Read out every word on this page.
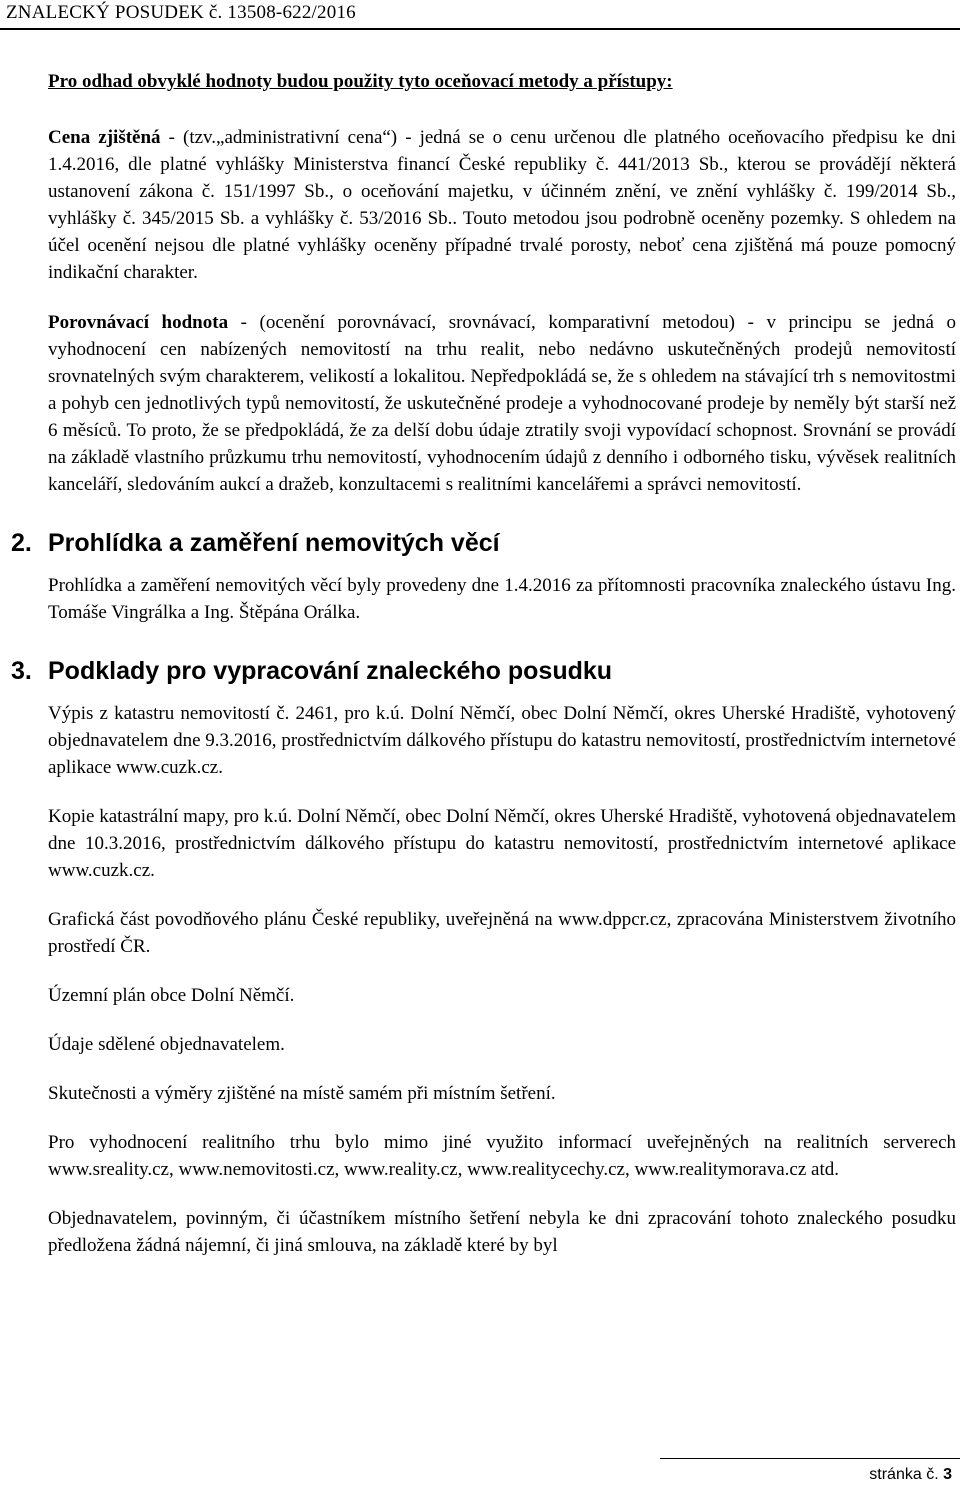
ZNALECKÝ POSUDEK č. 13508-622/2016

Pro odhad obvyklé hodnoty budou použity tyto oceňovací metody a přístupy:

Cena zjištěná - (tzv.„administrativní cena“) - jedná se o cenu určenou dle platného oceňovacího předpisu ke dni 1.4.2016, dle platné vyhlášky Ministerstva financí České republiky č. 441/2013 Sb., kterou se provádějí některá ustanovení zákona č. 151/1997 Sb., o oceňování majetku, v účinném znění, ve znění vyhlášky č. 199/2014 Sb., vyhlášky č. 345/2015 Sb. a vyhlášky č. 53/2016 Sb.. Touto metodou jsou podrobně oceněny pozemky. S ohledem na účel ocenění nejsou dle platné vyhlášky oceněny případné trvalé porosty, neboť cena zjištěná má pouze pomocný indikační charakter.

Porovnávací hodnota - (ocenění porovnávací, srovnávací, komparativní metodou) - v principu se jedná o vyhodnocení cen nabízených nemovitostí na trhu realit, nebo nedávno uskutečněných prodejů nemovitostí srovnatelných svým charakterem, velikostí a lokalitou. Nepředpokládá se, že s ohledem na stávající trh s nemovitostmi a pohyb cen jednotlivých typů nemovitostí, že uskutečněné prodeje a vyhodnocované prodeje by neměly být starší než 6 měsíců. To proto, že se předpokládá, že za delší dobu údaje ztratily svoji vypovídací schopnost. Srovnání se provádí na základě vlastního průzkumu trhu nemovitostí, vyhodnocením údajů z denního i odborného tisku, vývěsek realitních kanceláří, sledováním aukcí a dražeb, konzultacemi s realitními kancelářemi a správci nemovitostí.

2. Prohlídka a zaměření nemovitých věcí

Prohlídka a zaměření nemovitých věcí byly provedeny dne 1.4.2016 za přítomnosti pracovníka znaleckého ústavu Ing. Tomáše Vingrálka a Ing. Štěpána Orálka.

3. Podklady pro vypracování znaleckého posudku

Výpis z katastru nemovitostí č. 2461, pro k.ú. Dolní Němčí, obec Dolní Němčí, okres Uherské Hradiště, vyhotovený objednavatelem dne 9.3.2016, prostřednictvím dálkového přístupu do katastru nemovitostí, prostřednictvím internetové aplikace www.cuzk.cz.

Kopie katastrální mapy, pro k.ú. Dolní Němčí, obec Dolní Němčí, okres Uherské Hradiště, vyhotovená objednavatelem dne 10.3.2016, prostřednictvím dálkového přístupu do katastru nemovitostí, prostřednictvím internetové aplikace www.cuzk.cz.

Grafická část povodňového plánu České republiky, uveřejněná na www.dppcr.cz, zpracována Ministerstvem životního prostředí ČR.

Územní plán obce Dolní Němčí.

Údaje sdělené objednavatelem.

Skutečnosti a výměry zjištěné na místě samém při místním šetření.

Pro vyhodnocení realitního trhu bylo mimo jiné využito informací uveřejněných na realitních serverech www.sreality.cz, www.nemovitosti.cz, www.reality.cz, www.realitycechy.cz, www.realitymorava.cz atd.

Objednavatelem, povinným, či účastníkem místního šetření nebyla ke dni zpracování tohoto znaleckého posudku předložena žádná nájemní, či jiná smlouva, na základě které by byl

stránka č. 3
